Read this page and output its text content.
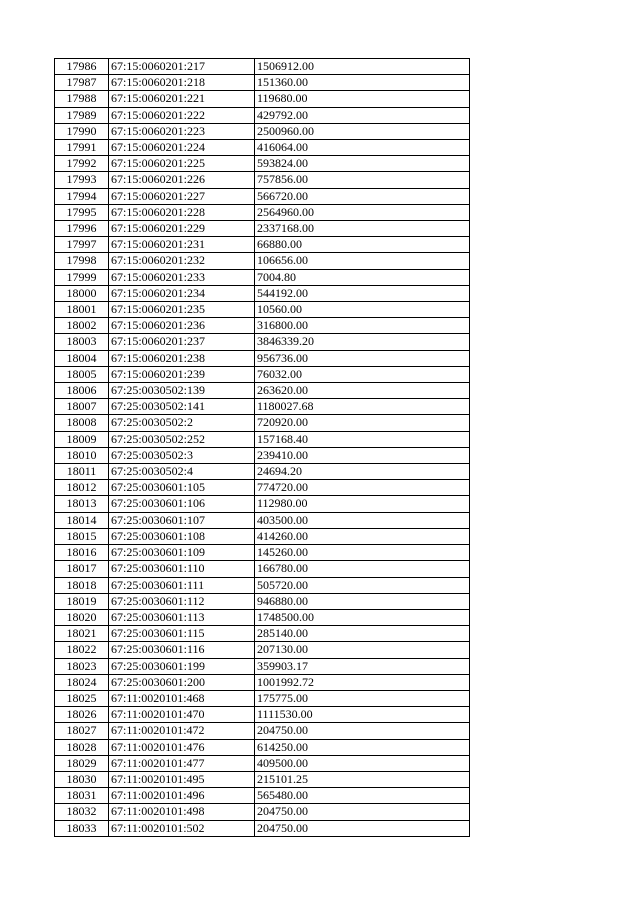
17986	67:15:0060201:217	1506912.00
17987	67:15:0060201:218	151360.00
17988	67:15:0060201:221	119680.00
17989	67:15:0060201:222	429792.00
17990	67:15:0060201:223	2500960.00
17991	67:15:0060201:224	416064.00
17992	67:15:0060201:225	593824.00
17993	67:15:0060201:226	757856.00
17994	67:15:0060201:227	566720.00
17995	67:15:0060201:228	2564960.00
17996	67:15:0060201:229	2337168.00
17997	67:15:0060201:231	66880.00
17998	67:15:0060201:232	106656.00
17999	67:15:0060201:233	7004.80
18000	67:15:0060201:234	544192.00
18001	67:15:0060201:235	10560.00
18002	67:15:0060201:236	316800.00
18003	67:15:0060201:237	3846339.20
18004	67:15:0060201:238	956736.00
18005	67:15:0060201:239	76032.00
18006	67:25:0030502:139	263620.00
18007	67:25:0030502:141	1180027.68
18008	67:25:0030502:2	720920.00
18009	67:25:0030502:252	157168.40
18010	67:25:0030502:3	239410.00
18011	67:25:0030502:4	24694.20
18012	67:25:0030601:105	774720.00
18013	67:25:0030601:106	112980.00
18014	67:25:0030601:107	403500.00
18015	67:25:0030601:108	414260.00
18016	67:25:0030601:109	145260.00
18017	67:25:0030601:110	166780.00
18018	67:25:0030601:111	505720.00
18019	67:25:0030601:112	946880.00
18020	67:25:0030601:113	1748500.00
18021	67:25:0030601:115	285140.00
18022	67:25:0030601:116	207130.00
18023	67:25:0030601:199	359903.17
18024	67:25:0030601:200	1001992.72
18025	67:11:0020101:468	175775.00
18026	67:11:0020101:470	1111530.00
18027	67:11:0020101:472	204750.00
18028	67:11:0020101:476	614250.00
18029	67:11:0020101:477	409500.00
18030	67:11:0020101:495	215101.25
18031	67:11:0020101:496	565480.00
18032	67:11:0020101:498	204750.00
18033	67:11:0020101:502	204750.00
